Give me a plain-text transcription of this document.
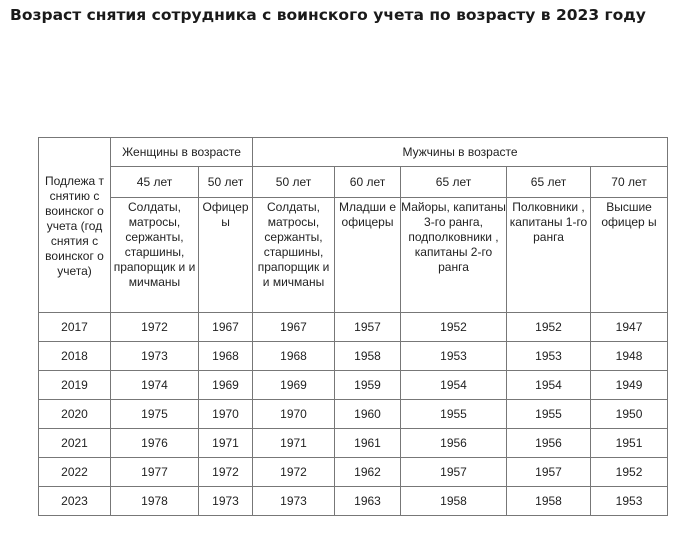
Возраст снятия сотрудника с воинского учета по возрасту в 2023 году
Подлежа т снятию с воинског о учета (год снятия с воинског о учета)	Женщины в возрасте		Мужчины в возрасте				
	45 лет	50 лет	50 лет	60 лет	65 лет	65 лет	70 лет
	Солдаты, матросы, сержанты, старшины, прапорщик и и мичманы	Офицер ы	Солдаты, матросы, сержанты, старшины, прапорщик и и мичманы	Младши е офицеры	Майоры, капитаны 3-го ранга, подполковники , капитаны 2-го ранга	Полковники , капитаны 1-го ранга	Высшие офицер ы
2017	1972	1967	1967	1957	1952	1952	1947
2018	1973	1968	1968	1958	1953	1953	1948
2019	1974	1969	1969	1959	1954	1954	1949
2020	1975	1970	1970	1960	1955	1955	1950
2021	1976	1971	1971	1961	1956	1956	1951
2022	1977	1972	1972	1962	1957	1957	1952
2023	1978	1973	1973	1963	1958	1958	1953
